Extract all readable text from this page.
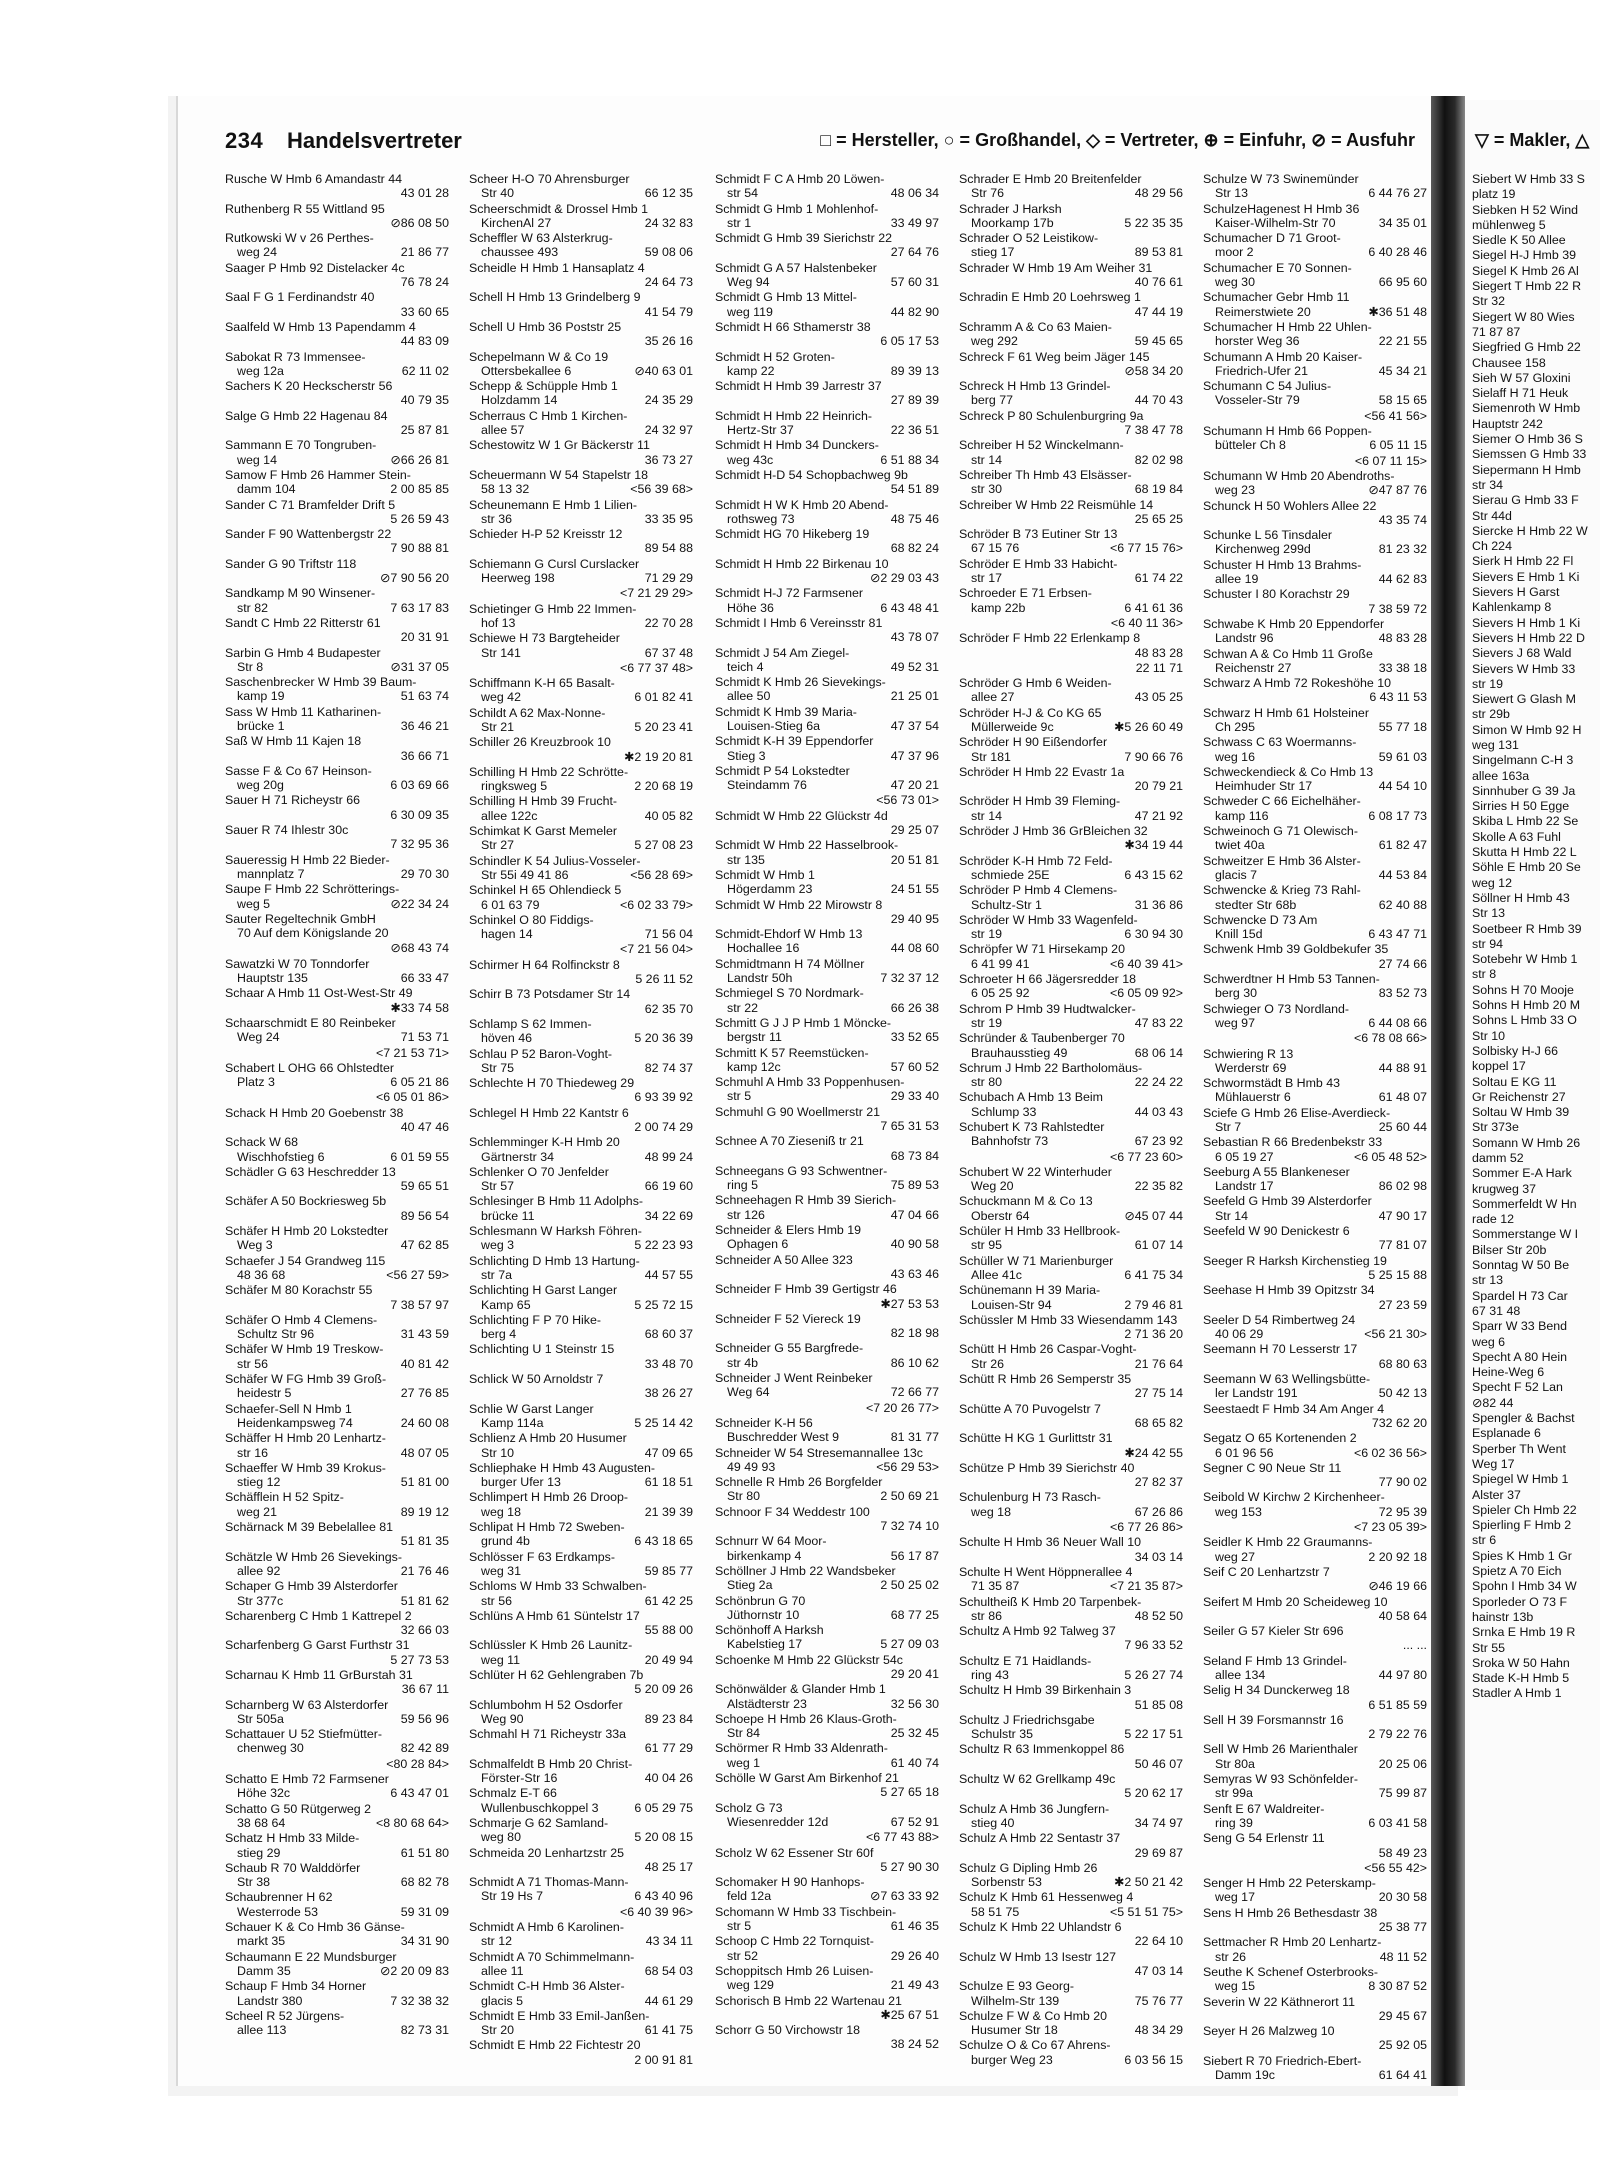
▽ = Makler, △
234 Handelsvertreter	□ = Hersteller, ○ = Großhandel, ◇ = Vertreter, ⊕ = Einfuhr, ⊘ = Ausfuhr
Rusche W Hmb 6 Amandastr 44
43 01 28
Ruthenberg R 55 Wittland 95
⊘86 08 50
Rutkowski W v 26 Perthes-
weg 24	21 86 77
Saager P Hmb 92 Distelacker 4c
76 78 24
Saal F G 1 Ferdinandstr 40
33 60 65
Saalfeld W Hmb 13 Papendamm 4
44 83 09
Sabokat R 73 Immensee-
weg 12a	62 11 02
Sachers K 20 Heckscherstr 56
40 79 35
Salge G Hmb 22 Hagenau 84
25 87 81
Sammann E 70 Tongruben-
weg 14	⊘66 26 81
Samow F Hmb 26 Hammer Stein-
damm 104	2 00 85 85
Sander C 71 Bramfelder Drift 5
5 26 59 43
Sander F 90 Wattenbergstr 22
7 90 88 81
Sander G 90 Triftstr 118
⊘7 90 56 20
Sandkamp M 90 Winsener-
str 82	7 63 17 83
Sandt C Hmb 22 Ritterstr 61
20 31 91
Sarbin G Hmb 4 Budapester
Str 8	⊘31 37 05
Saschenbrecker W Hmb 39 Baum-
kamp 19	51 63 74
Sass W Hmb 11 Katharinen-
brücke 1	36 46 21
Saß W Hmb 11 Kajen 18
36 66 71
Sasse F & Co 67 Heinson-
weg 20g	6 03 69 66
Sauer H 71 Richeystr 66
6 30 09 35
Sauer R 74 Ihlestr 30c
7 32 95 36
Saueressig H Hmb 22 Bieder-
mannplatz 7	29 70 30
Saupe F Hmb 22 Schrötterings-
weg 5	⊘22 34 24
Sauter Regeltechnik GmbH
70 Auf dem Königslande 20
⊘68 43 74
Sawatzki W 70 Tonndorfer
Hauptstr 135	66 33 47
Schaar A Hmb 11 Ost-West-Str 49
✱33 74 58
Schaarschmidt E 80 Reinbeker
Weg 24	71 53 71
<7 21 53 71>
Schabert L OHG 66 Ohlstedter
Platz 3	6 05 21 86
<6 05 01 86>
Schack H Hmb 20 Goebenstr 38
40 47 46
Schack W 68
Wischhofstieg 6	6 01 59 55
Schädler G 63 Heschredder 13
59 65 51
Schäfer A 50 Bockriesweg 5b
89 56 54
Schäfer H Hmb 20 Lokstedter
Weg 3	47 62 85
Schaefer J 54 Grandweg 115
48 36 68	<56 27 59>
Schäfer M 80 Korachstr 55
7 38 57 97
Schäfer O Hmb 4 Clemens-
Schultz Str 96	31 43 59
Schäfer W Hmb 19 Treskow-
str 56	40 81 42
Schäfer W FG Hmb 39 Groß-
heidestr 5	27 76 85
Schaefer-Sell N Hmb 1
Heidenkampsweg 74	24 60 08
Schäffer H Hmb 20 Lenhartz-
str 16	48 07 05
Schaeffer W Hmb 39 Krokus-
stieg 12	51 81 00
Schäfflein H 52 Spitz-
weg 21	89 19 12
Schärnack M 39 Bebelallee 81
51 81 35
Schätzle W Hmb 26 Sievekings-
allee 92	21 76 46
Schaper G Hmb 39 Alsterdorfer
Str 377c	51 81 62
Scharenberg C Hmb 1 Kattrepel 2
32 66 03
Scharfenberg G Garst Furthstr 31
5 27 73 53
Scharnau K Hmb 11 GrBurstah 31
36 67 11
Scharnberg W 63 Alsterdorfer
Str 505a	59 56 96
Schattauer U 52 Stiefmütter-
chenweg 30	82 42 89
<80 28 84>
Schatto E Hmb 72 Farmsener
Höhe 32c	6 43 47 01
Schatto G 50 Rütgerweg 2
38 68 64	<8 80 68 64>
Schatz H Hmb 33 Milde-
stieg 29	61 51 80
Schaub R 70 Walddörfer
Str 38	68 82 78
Schaubrenner H 62
Westerrode 53	59 31 09
Schauer K & Co Hmb 36 Gänse-
markt 35	34 31 90
Schaumann E 22 Mundsburger
Damm 35	⊘2 20 09 83
Schaup F Hmb 34 Horner
Landstr 380	7 32 38 32
Scheel R 52 Jürgens-
allee 113	82 73 31
Scheer H-O 70 Ahrensburger
Str 40	66 12 35
Scheerschmidt & Drossel Hmb 1
KirchenAl 27	24 32 83
Scheffler W 63 Alsterkrug-
chaussee 493	59 08 06
Scheidle H Hmb 1 Hansaplatz 4
24 64 73
Schell H Hmb 13 Grindelberg 9
41 54 79
Schell U Hmb 36 Poststr 25
35 26 16
Schepelmann W & Co 19
Ottersbekallee 6	⊘40 63 01
Schepp & Schüpple Hmb 1
Holzdamm 14	24 35 29
Scherraus C Hmb 1 Kirchen-
allee 57	24 32 97
Schestowitz W 1 Gr Bäckerstr 11
36 73 27
Scheuermann W 54 Stapelstr 18
58 13 32	<56 39 68>
Scheunemann E Hmb 1 Lilien-
str 36	33 35 95
Schieder H-P 52 Kreisstr 12
89 54 88
Schiemann G Cursl Curslacker
Heerweg 198	71 29 29
<7 21 29 29>
Schietinger G Hmb 22 Immen-
hof 13	22 70 28
Schiewe H 73 Bargteheider
Str 141	67 37 48
<6 77 37 48>
Schiffmann K-H 65 Basalt-
weg 42	6 01 82 41
Schildt A 62 Max-Nonne-
Str 21	5 20 23 41
Schiller 26 Kreuzbrook 10
✱2 19 20 81
Schilling H Hmb 22 Schrötte-
ringksweg 5	2 20 68 19
Schilling H Hmb 39 Frucht-
allee 122c	40 05 82
Schimkat K Garst Memeler
Str 27	5 27 08 23
Schindler K 54 Julius-Vosseler-
Str 55i 49 41 86	<56 28 69>
Schinkel H 65 Ohlendieck 5
6 01 63 79	<6 02 33 79>
Schinkel O 80 Fiddigs-
hagen 14	71 56 04
<7 21 56 04>
Schirmer H 64 Rolfinckstr 8
5 26 11 52
Schirr B 73 Potsdamer Str 14
62 35 70
Schlamp S 62 Immen-
höven 46	5 20 36 39
Schlau P 52 Baron-Voght-
Str 75	82 74 37
Schlechte H 70 Thiedeweg 29
6 93 39 92
Schlegel H Hmb 22 Kantstr 6
2 00 74 29
Schlemminger K-H Hmb 20
Gärtnerstr 34	48 99 24
Schlenker O 70 Jenfelder
Str 57	66 19 60
Schlesinger B Hmb 11 Adolphs-
brücke 11	34 22 69
Schlesmann W Harksh Föhren-
weg 3	5 22 23 93
Schlichting D Hmb 13 Hartung-
str 7a	44 57 55
Schlichting H Garst Langer
Kamp 65	5 25 72 15
Schlichting F P 70 Hike-
berg 4	68 60 37
Schlichting U 1 Steinstr 15
33 48 70
Schlick W 50 Arnoldstr 7
38 26 27
Schlie W Garst Langer
Kamp 114a	5 25 14 42
Schlienz A Hmb 20 Husumer
Str 10	47 09 65
Schliephake H Hmb 43 Augusten-
burger Ufer 13	61 18 51
Schlimpert H Hmb 26 Droop-
weg 18	21 39 39
Schlipat H Hmb 72 Sweben-
grund 4b	6 43 18 65
Schlösser F 63 Erdkamps-
weg 31	59 85 77
Schloms W Hmb 33 Schwalben-
str 56	61 42 25
Schlüns A Hmb 61 Süntelstr 17
55 88 00
Schlüssler K Hmb 26 Launitz-
weg 11	20 49 94
Schlüter H 62 Gehlengraben 7b
5 20 09 26
Schlumbohm H 52 Osdorfer
Weg 90	89 23 84
Schmahl H 71 Richeystr 33a
61 77 29
Schmalfeldt B Hmb 20 Christ-
Förster-Str 16	40 04 26
Schmalz E-T 66
Wullenbuschkoppel 3	6 05 29 75
Schmarje G 62 Samland-
weg 80	5 20 08 15
Schmeida 20 Lenhartzstr 25
48 25 17
Schmidt A 71 Thomas-Mann-
Str 19 Hs 7	6 43 40 96
<6 40 39 96>
Schmidt A Hmb 6 Karolinen-
str 12	43 34 11
Schmidt A 70 Schimmelmann-
allee 11	68 54 03
Schmidt C-H Hmb 36 Alster-
glacis 5	44 61 29
Schmidt E Hmb 33 Emil-Janßen-
Str 20	61 41 75
Schmidt E Hmb 22 Fichtestr 20
2 00 91 81
Schmidt F C A Hmb 20 Löwen-
str 54	48 06 34
Schmidt G Hmb 1 Mohlenhof-
str 1	33 49 97
Schmidt G Hmb 39 Sierichstr 22
27 64 76
Schmidt G A 57 Halstenbeker
Weg 94	57 60 31
Schmidt G Hmb 13 Mittel-
weg 119	44 82 90
Schmidt H 66 Sthamerstr 38
6 05 17 53
Schmidt H 52 Groten-
kamp 22	89 39 13
Schmidt H Hmb 39 Jarrestr 37
27 89 39
Schmidt H Hmb 22 Heinrich-
Hertz-Str 37	22 36 51
Schmidt H Hmb 34 Dunckers-
weg 43c	6 51 88 34
Schmidt H-D 54 Schopbachweg 9b
54 51 89
Schmidt H W K Hmb 20 Abend-
rothsweg 73	48 75 46
Schmidt HG 70 Hikeberg 19
68 82 24
Schmidt H Hmb 22 Birkenau 10
⊘2 29 03 43
Schmidt H-J 72 Farmsener
Höhe 36	6 43 48 41
Schmidt I Hmb 6 Vereinsstr 81
43 78 07
Schmidt J 54 Am Ziegel-
teich 4	49 52 31
Schmidt K Hmb 26 Sievekings-
allee 50	21 25 01
Schmidt K Hmb 39 Maria-
Louisen-Stieg 6a	47 37 54
Schmidt K-H 39 Eppendorfer
Stieg 3	47 37 96
Schmidt P 54 Lokstedter
Steindamm 76	47 20 21
<56 73 01>
Schmidt W Hmb 22 Glückstr 4d
29 25 07
Schmidt W Hmb 22 Hasselbrook-
str 135	20 51 81
Schmidt W Hmb 1
Högerdamm 23	24 51 55
Schmidt W Hmb 22 Mirowstr 8
29 40 95
Schmidt-Ehdorf W Hmb 13
Hochallee 16	44 08 60
Schmidtmann H 74 Möllner
Landstr 50h	7 32 37 12
Schmiegel S 70 Nordmark-
str 22	66 26 38
Schmitt G J J P Hmb 1 Möncke-
bergstr 11	33 52 65
Schmitt K 57 Reemstücken-
kamp 12c	57 60 52
Schmuhl A Hmb 33 Poppenhusen-
str 5	29 33 40
Schmuhl G 90 Woellmerstr 21
7 65 31 53
Schnee A 70 Zieseniß tr 21
68 73 84
Schneegans G 93 Schwentner-
ring 5	75 89 53
Schneehagen R Hmb 39 Sierich-
str 126	47 04 66
Schneider & Elers Hmb 19
Ophagen 6	40 90 58
Schneider A 50 Allee 323
43 63 46
Schneider F Hmb 39 Gertigstr 46
✱27 53 53
Schneider F 52 Viereck 19
82 18 98
Schneider G 55 Bargfrede-
str 4b	86 10 62
Schneider J Went Reinbeker
Weg 64	72 66 77
<7 20 26 77>
Schneider K-H 56
Buschredder West 9	81 31 77
Schneider W 54 Stresemannallee 13c
49 49 93	<56 29 53>
Schnelle R Hmb 26 Borgfelder
Str 80	2 50 69 21
Schnoor F 34 Weddestr 100
7 32 74 10
Schnurr W 64 Moor-
birkenkamp 4	56 17 87
Schöllner J Hmb 22 Wandsbeker
Stieg 2a	2 50 25 02
Schönbrun G 70
Jüthornstr 10	68 77 25
Schönhoff A Harksh
Kabelstieg 17	5 27 09 03
Schoenke M Hmb 22 Glückstr 54c
29 20 41
Schönwälder & Glander Hmb 1
Alstädterstr 23	32 56 30
Schoepe H Hmb 26 Klaus-Groth-
Str 84	25 32 45
Schörmer R Hmb 33 Aldenrath-
weg 1	61 40 74
Schölle W Garst Am Birkenhof 21
5 27 65 18
Scholz G 73
Wiesenredder 12d	67 52 91
<6 77 43 88>
Scholz W 62 Essener Str 60f
5 27 90 30
Schomaker H 90 Hanhops-
feld 12a	⊘7 63 33 92
Schomann W Hmb 33 Tischbein-
str 5	61 46 35
Schoop C Hmb 22 Tornquist-
str 52	29 26 40
Schoppitsch Hmb 26 Luisen-
weg 129	21 49 43
Schorisch B Hmb 22 Wartenau 21
✱25 67 51
Schorr G 50 Virchowstr 18
38 24 52
Schrader E Hmb 20 Breitenfelder
Str 76	48 29 56
Schrader J Harksh
Moorkamp 17b	5 22 35 35
Schrader O 52 Leistikow-
stieg 17	89 53 81
Schrader W Hmb 19 Am Weiher 31
40 76 61
Schradin E Hmb 20 Loehrsweg 1
47 44 19
Schramm A & Co 63 Maien-
weg 292	59 45 65
Schreck F 61 Weg beim Jäger 145
⊘58 34 20
Schreck H Hmb 13 Grindel-
berg 77	44 70 43
Schreck P 80 Schulenburgring 9a
7 38 47 78
Schreiber H 52 Winckelmann-
str 14	82 02 98
Schreiber Th Hmb 43 Elsässer-
str 30	68 19 84
Schreiber W Hmb 22 Reismühle 14
25 65 25
Schröder B 73 Eutiner Str 13
67 15 76	<6 77 15 76>
Schröder E Hmb 33 Habicht-
str 17	61 74 22
Schroeder E 71 Erbsen-
kamp 22b	6 41 61 36
<6 40 11 36>
Schröder F Hmb 22 Erlenkamp 8
48 83 28
22 11 71
Schröder G Hmb 6 Weiden-
allee 27	43 05 25
Schröder H-J & Co KG 65
Müllerweide 9c	✱5 26 60 49
Schröder H 90 Eißendorfer
Str 181	7 90 66 76
Schröder H Hmb 22 Evastr 1a
20 79 21
Schröder H Hmb 39 Fleming-
str 14	47 21 92
Schröder J Hmb 36 GrBleichen 32
✱34 19 44
Schröder K-H Hmb 72 Feld-
schmiede 25E	6 43 15 62
Schröder P Hmb 4 Clemens-
Schultz-Str 1	31 36 86
Schröder W Hmb 33 Wagenfeld-
str 19	6 30 94 30
Schröpfer W 71 Hirsekamp 20
6 41 99 41	<6 40 39 41>
Schroeter H 66 Jägersredder 18
6 05 25 92	<6 05 09 92>
Schrom P Hmb 39 Hudtwalcker-
str 19	47 83 22
Schründer & Taubenberger 70
Brauhausstieg 49	68 06 14
Schrum J Hmb 22 Bartholomäus-
str 80	22 24 22
Schubach A Hmb 13 Beim
Schlump 33	44 03 43
Schubert K 73 Rahlstedter
Bahnhofstr 73	67 23 92
<6 77 23 60>
Schubert W 22 Winterhuder
Weg 20	22 35 82
Schuckmann M & Co 13
Oberstr 64	⊘45 07 44
Schüler H Hmb 33 Hellbrook-
str 95	61 07 14
Schüller W 71 Marienburger
Allee 41c	6 41 75 34
Schünemann H 39 Maria-
Louisen-Str 94	2 79 46 81
Schüssler M Hmb 33 Wiesendamm 143
2 71 36 20
Schütt H Hmb 26 Caspar-Voght-
Str 26	21 76 64
Schütt R Hmb 26 Semperstr 35
27 75 14
Schütte A 70 Puvogelstr 7
68 65 82
Schütte H KG 1 Gurlittstr 31
✱24 42 55
Schütze P Hmb 39 Sierichstr 40
27 82 37
Schulenburg H 73 Rasch-
weg 18	67 26 86
<6 77 26 86>
Schulte H Hmb 36 Neuer Wall 10
34 03 14
Schulte H Went Höppnerallee 4
71 35 87	<7 21 35 87>
Schultheiß K Hmb 20 Tarpenbek-
str 86	48 52 50
Schultz A Hmb 92 Talweg 37
7 96 33 52
Schultz E 71 Haidlands-
ring 43	5 26 27 74
Schultz H Hmb 39 Birkenhain 3
51 85 08
Schultz J Friedrichsgabe
Schulstr 35	5 22 17 51
Schultz R 63 Immenkoppel 86
50 46 07
Schultz W 62 Grellkamp 49c
5 20 62 17
Schulz A Hmb 36 Jungfern-
stieg 40	34 74 97
Schulz A Hmb 22 Sentastr 37
29 69 87
Schulz G Dipling Hmb 26
Sorbenstr 53	✱2 50 21 42
Schulz K Hmb 61 Hessenweg 4
58 51 75	<5 51 51 75>
Schulz K Hmb 22 Uhlandstr 6
22 64 10
Schulz W Hmb 13 Isestr 127
47 03 14
Schulze E 93 Georg-
Wilhelm-Str 139	75 76 77
Schulze F W & Co Hmb 20
Husumer Str 18	48 34 29
Schulze O & Co 67 Ahrens-
burger Weg 23	6 03 56 15
Schulze W 73 Swinemünder
Str 13	6 44 76 27
SchulzeHagenest H Hmb 36
Kaiser-Wilhelm-Str 70	34 35 01
Schumacher D 71 Groot-
moor 2	6 40 28 46
Schumacher E 70 Sonnen-
weg 30	66 95 60
Schumacher Gebr Hmb 11
Reimerstwiete 20	✱36 51 48
Schumacher H Hmb 22 Uhlen-
horster Weg 36	22 21 55
Schumann A Hmb 20 Kaiser-
Friedrich-Ufer 21	45 34 21
Schumann C 54 Julius-
Vosseler-Str 79	58 15 65
<56 41 56>
Schumann H Hmb 66 Poppen-
bütteler Ch 8	6 05 11 15
<6 07 11 15>
Schumann W Hmb 20 Abendroths-
weg 23	⊘47 87 76
Schunck H 50 Wohlers Allee 22
43 35 74
Schunke L 56 Tinsdaler
Kirchenweg 299d	81 23 32
Schuster H Hmb 13 Brahms-
allee 19	44 62 83
Schuster I 80 Korachstr 29
7 38 59 72
Schwabe K Hmb 20 Eppendorfer
Landstr 96	48 83 28
Schwan A & Co Hmb 11 Große
Reichenstr 27	33 38 18
Schwarz A Hmb 72 Rokeshöhe 10
6 43 11 53
Schwarz H Hmb 61 Holsteiner
Ch 295	55 77 18
Schwass C 63 Woermanns-
weg 16	59 61 03
Schweckendieck & Co Hmb 13
Heimhuder Str 17	44 54 10
Schweder C 66 Eichelhäher-
kamp 116	6 08 17 73
Schweinoch G 71 Olewisch-
twiet 40a	61 82 47
Schweitzer E Hmb 36 Alster-
glacis 7	44 53 84
Schwencke & Krieg 73 Rahl-
stedter Str 68b	62 40 88
Schwencke D 73 Am
Knill 15d	6 43 47 71
Schwenk Hmb 39 Goldbekufer 35
27 74 66
Schwerdtner H Hmb 53 Tannen-
berg 30	83 52 73
Schwieger O 73 Nordland-
weg 97	6 44 08 66
<6 78 08 66>
Schwiering R 13
Werderstr 69	44 88 91
Schwormstädt B Hmb 43
Mühlauerstr 6	61 48 07
Sciefe G Hmb 26 Elise-Averdieck-
Str 7	25 60 44
Sebastian R 66 Bredenbekstr 33
6 05 19 27	<6 05 48 52>
Seeburg A 55 Blankeneser
Landstr 17	86 02 98
Seefeld G Hmb 39 Alsterdorfer
Str 14	47 90 17
Seefeld W 90 Denickestr 6
77 81 07
Seeger R Harksh Kirchenstieg 19
5 25 15 88
Seehase H Hmb 39 Opitzstr 34
27 23 59
Seeler D 54 Rimbertweg 24
40 06 29	<56 21 30>
Seemann H 70 Lesserstr 17
68 80 63
Seemann W 63 Wellingsbütte-
ler Landstr 191	50 42 13
Seestaedt F Hmb 34 Am Anger 4
732 62 20
Segatz O 65 Kortenenden 2
6 01 96 56	<6 02 36 56>
Segner C 90 Neue Str 11
77 90 02
Seibold W Kirchw 2 Kirchenheer-
weg 153	72 95 39
<7 23 05 39>
Seidler K Hmb 22 Graumanns-
weg 27	2 20 92 18
Seif C 20 Lenhartzstr 7
⊘46 19 66
Seifert M Hmb 20 Scheideweg 10
40 58 64
Seiler G 57 Kieler Str 696
... ...
Seland F Hmb 13 Grindel-
allee 134	44 97 80
Selig H 34 Dunckerweg 18
6 51 85 59
Sell H 39 Forsmannstr 16
2 79 22 76
Sell W Hmb 26 Marienthaler
Str 80a	20 25 06
Semyras W 93 Schönfelder-
str 99a	75 99 87
Senft E 67 Waldreiter-
ring 39	6 03 41 58
Seng G 54 Erlenstr 11
58 49 23
<56 55 42>
Senger H Hmb 22 Peterskamp-
weg 17	20 30 58
Sens H Hmb 26 Bethesdastr 38
25 38 77
Settmacher R Hmb 20 Lenhartz-
str 26	48 11 52
Seuthe K Schenef Osterbrooks-
weg 15	8 30 87 52
Severin W 22 Käthnerort 11
29 45 67
Seyer H 26 Malzweg 10
25 92 05
Siebert R 70 Friedrich-Ebert-
Damm 19c	61 64 41
Siebert W Hmb 33 S
platz 19
Siebken H 52 Wind
mühlenweg 5
Siedle K 50 Allee
Siegel H-J Hmb 39
Siegel K Hmb 26 Al
Siegert T Hmb 22 R
Str 32
Siegert W 80 Wies
71 87 87
Siegfried G Hmb 22
Chausee 158
Sieh W 57 Gloxini
Sielaff H 71 Heuk
Siemenroth W Hmb
Hauptstr 242
Siemer O Hmb 36 S
Siemssen G Hmb 33
Siepermann H Hmb
str 34
Sierau G Hmb 33 F
Str 44d
Siercke H Hmb 22 W
Ch 224
Sierk H Hmb 22 Fl
Sievers E Hmb 1 Ki
Sievers H Garst
Kahlenkamp 8
Sievers H Hmb 1 Ki
Sievers H Hmb 22 D
Sievers J 68 Wald
Sievers W Hmb 33
str 19
Siewert G Glash M
str 29b
Simon W Hmb 92 H
weg 131
Singelmann C-H 3
allee 163a
Sinnhuber G 39 Ja
Sirries H 50 Egge
Skiba L Hmb 22 Se
Skolle A 63 Fuhl
Skutta H Hmb 22 L
Söhle E Hmb 20 Se
weg 12
Söllner H Hmb 43
Str 13
Soetbeer R Hmb 39
str 94
Sotebehr W Hmb 1
str 8
Sohns H 70 Mooje
Sohns H Hmb 20 M
Sohns L Hmb 33 O
Str 10
Solbisky H-J 66
koppel 17
Soltau E KG 11
Gr Reichenstr 27
Soltau W Hmb 39
Str 373e
Somann W Hmb 26
damm 52
Sommer E-A Hark
krugweg 37
Sommerfeldt W Hn
rade 12
Sommerstange W I
Bilser Str 20b
Sonntag W 50 Be
str 13
Spardel H 73 Car
67 31 48
Sparr W 33 Bend
weg 6
Specht A 80 Hein
Heine-Weg 6
Specht F 52 Lan
⊘82 44
Spengler & Bachst
Esplanade 6
Sperber Th Went
Weg 17
Spiegel W Hmb 1
Alster 37
Spieler Ch Hmb 22
Spierling F Hmb 2
str 6
Spies K Hmb 1 Gr
Spietz A 70 Eich
Spohn I Hmb 34 W
Sporleder O 73 F
hainstr 13b
Srnka E Hmb 19 R
Str 55
Sroka W 50 Hahn
Stade K-H Hmb 5
Stadler A Hmb 1
